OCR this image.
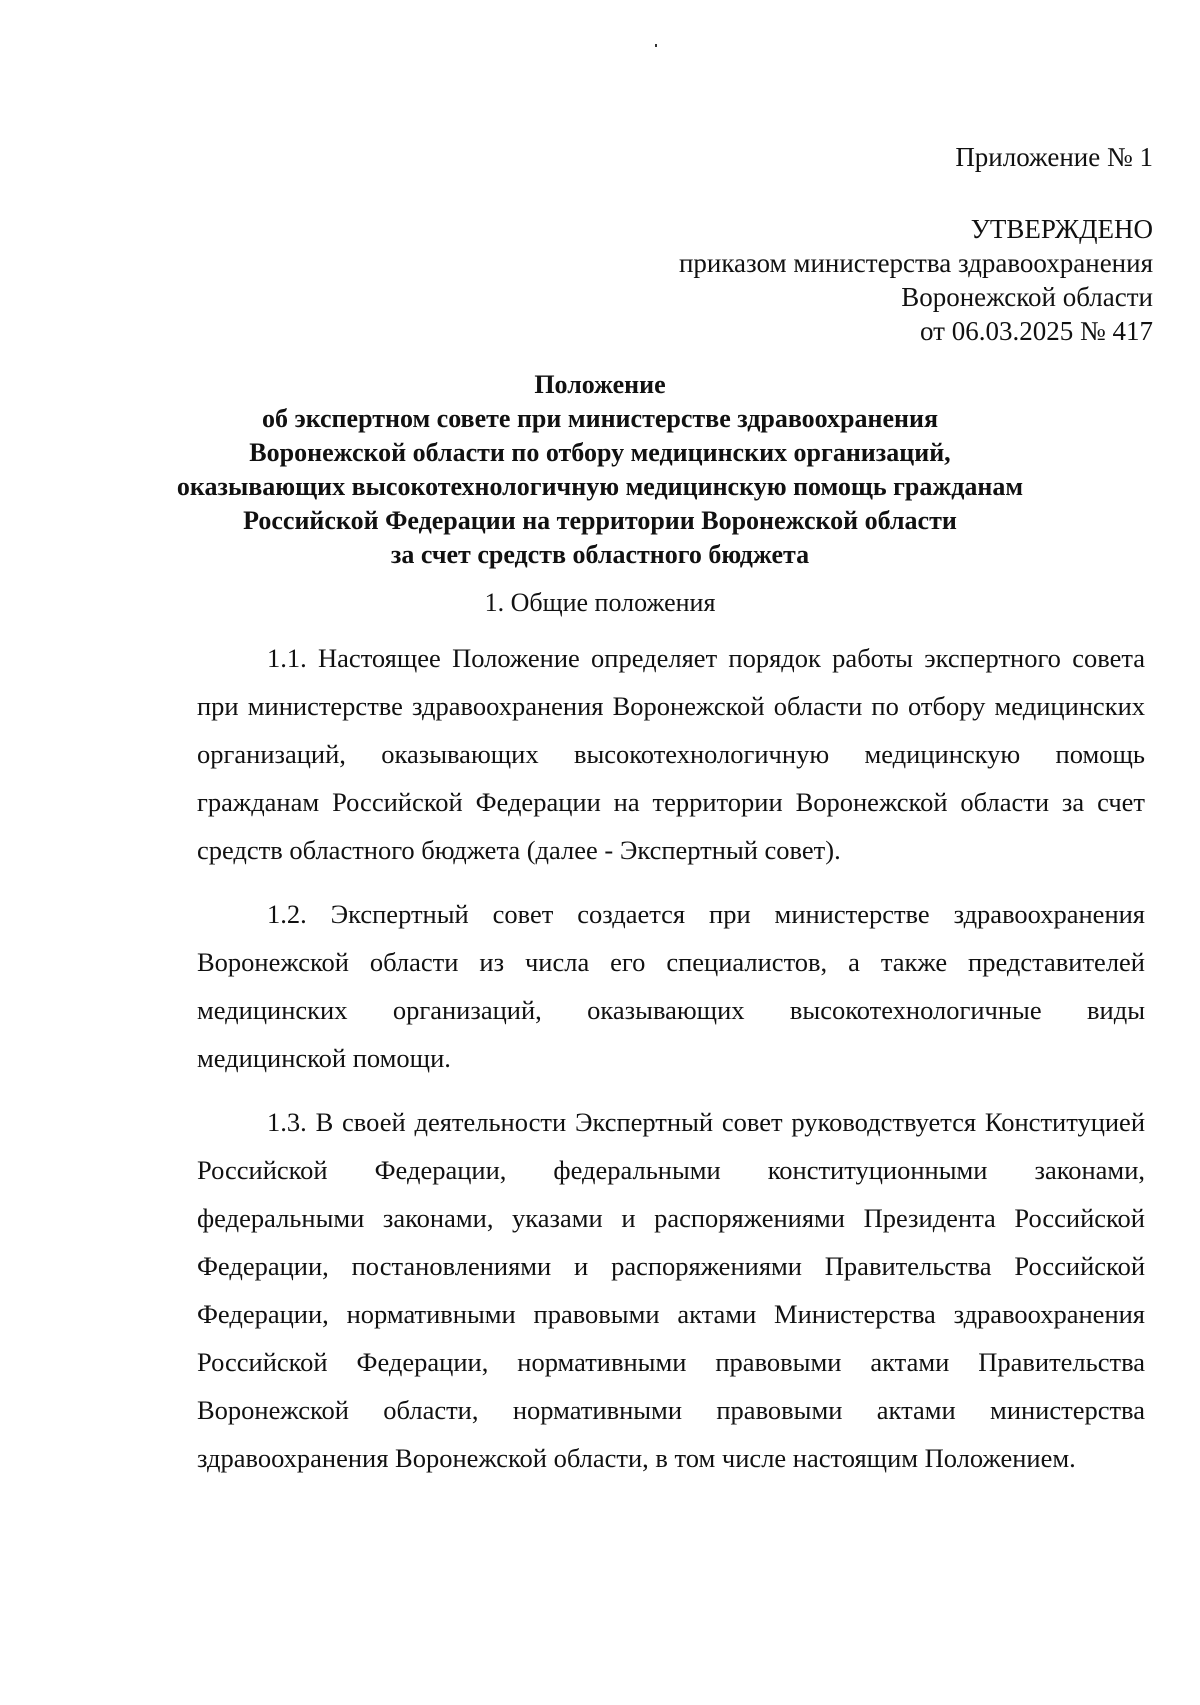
Приложение № 1
УТВЕРЖДЕНО
приказом министерства здравоохранения
Воронежской области
от 06.03.2025 № 417
Положение
об экспертном совете при министерстве здравоохранения
Воронежской области по отбору медицинских организаций,
оказывающих высокотехнологичную медицинскую помощь гражданам
Российской Федерации на территории Воронежской области
за счет средств областного бюджета
1. Общие положения

1.1. Настоящее Положение определяет порядок работы экспертного совета при министерстве здравоохранения Воронежской области по отбору медицинских организаций, оказывающих высокотехнологичную медицинскую помощь гражданам Российской Федерации на территории Воронежской области за счет средств областного бюджета (далее - Экспертный совет).

1.2. Экспертный совет создается при министерстве здравоохранения Воронежской области из числа его специалистов, а также представителей медицинских организаций, оказывающих высокотехнологичные виды медицинской помощи.

1.3. В своей деятельности Экспертный совет руководствуется Конституцией Российской Федерации, федеральными конституционными законами, федеральными законами, указами и распоряжениями Президента Российской Федерации, постановлениями и распоряжениями Правительства Российской Федерации, нормативными правовыми актами Министерства здравоохранения Российской Федерации, нормативными правовыми актами Правительства Воронежской области, нормативными правовыми актами министерства здравоохранения Воронежской области, в том числе настоящим Положением.
